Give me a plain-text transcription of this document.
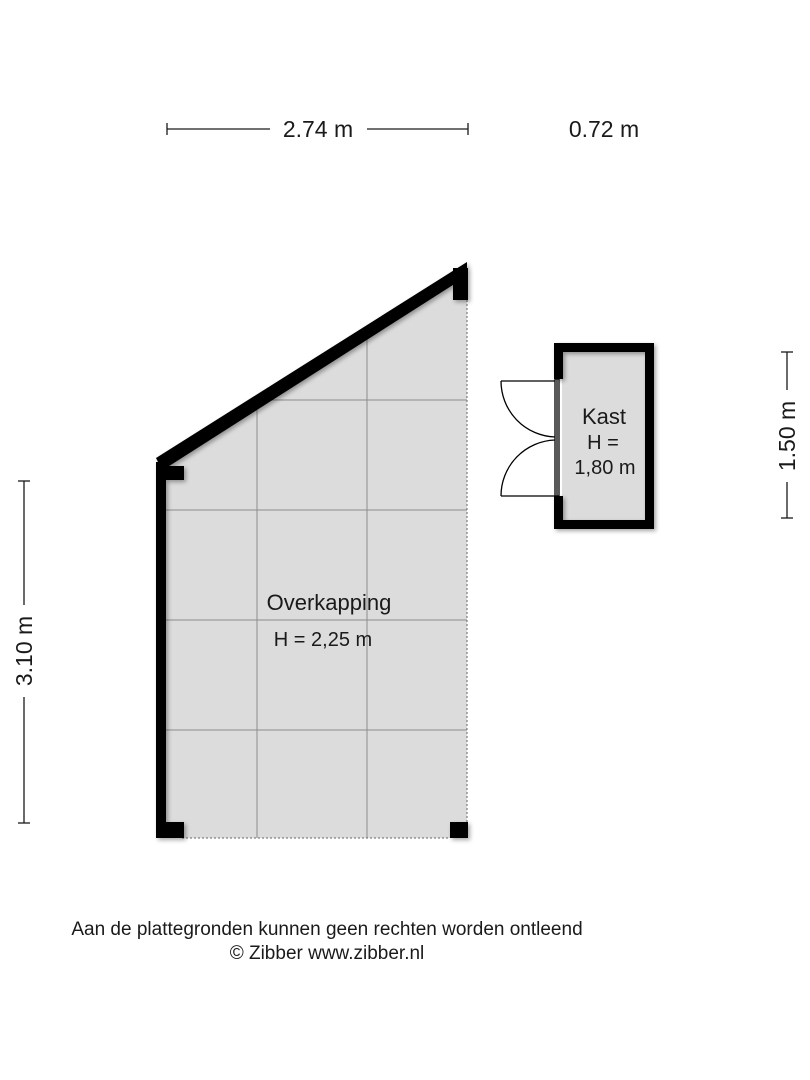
Overkapping
H = 2,25 m
Kast
H =
1,80 m
2.74 m	0.72 m
3.10 m
1.50 m
Aan de plattegronden kunnen geen rechten worden ontleend
© Zibber www.zibber.nl
